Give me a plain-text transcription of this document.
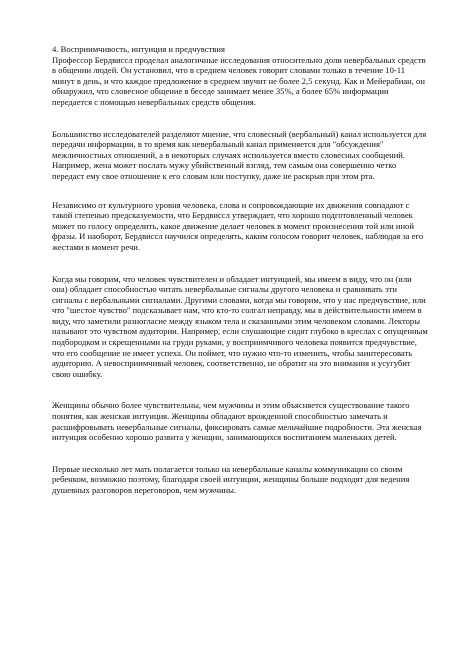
4. Восприимчивость, интуиция и предчувствия

Профессор Бердвиссл проделал аналогичные исследования относительно доли невербальных средств в общении людей. Он установил, что в среднем человек говорит словами только в течение 10-11 минут в день, и что каждое предложение в среднем звучит не более 2,5 секунд. Как и Мейерабиан, он обнаружил, что словесное общение в беседе занимает менее 35%, а более 65% информации передается с помощью невербальных средств общения.

Большинство исследователей разделяют мнение, что словесный (вербальный) канал используется для передачи информации, в то время как невербальный канал применяется для "обсуждения" межличностных отношений, а в некоторых случаях используется вместо словесных сообщений. Например, жена может послать мужу убийственный взгляд, тем самым она совершенно четко передаст ему свое отношение к его словам или поступку, даже не раскрыв при этом рта.

Независимо от культурного уровня человека, слова и сопровождающие их движения совпадают с такой степенью предсказуемости, что Бердвиссл утверждает, что хорошо подготовленный человек может по голосу определить, какое движение делает человек в момент произнесения той или иной фразы. И наоборот, Бердвиссл научился определять, каким голосом говорит человек, наблюдая за его жестами в момент речи.

Когда мы говорим, что человек чувствителен и обладает интуицией, мы имеем в виду, что он (или она) обладает способностью читать невербальные сигналы другого человека и сравнивать эти сигналы с вербальными сигналами. Другими словами, когда мы говорим, что у нас предчувствие, или что "шестое чувство" подсказывает нам, что кто-то солгал неправду, мы в действительности имеем в виду, что заметили разногласие между языком тела и сказанными этим человеком словами. Лекторы называют это чувством аудитории. Например, если слушающие сидят глубоко в креслах с опущенным подбородком и скрещенными на груди руками, у восприимчивого человека появится предчувствие, что его сообщение не имеет успеха. Он поймет, что нужно что-то изменить, чтобы заинтересовать аудиторию. А невосприимчивый человек, соответственно, не обратит на это внимания и усугубит свою ошибку.

Женщины обычно более чувствительны, чем мужчины и этим объясняется существование такого понятия, как женская интуиция. Женщины обладают врожденной способностью замечать и расшифровывать невербальные сигналы, фиксировать самые мельчайшие подробности. Эта женская интуиция особенно хорошо развита у женщин, занимающихся воспитанием маленьких детей.

Первые несколько лет мать полагается только на невербальные каналы коммуникации со своим ребенком, возможно поэтому, благодаря своей интуиции, женщины больше подходят для ведения душевных разговоров переговоров, чем мужчины.
